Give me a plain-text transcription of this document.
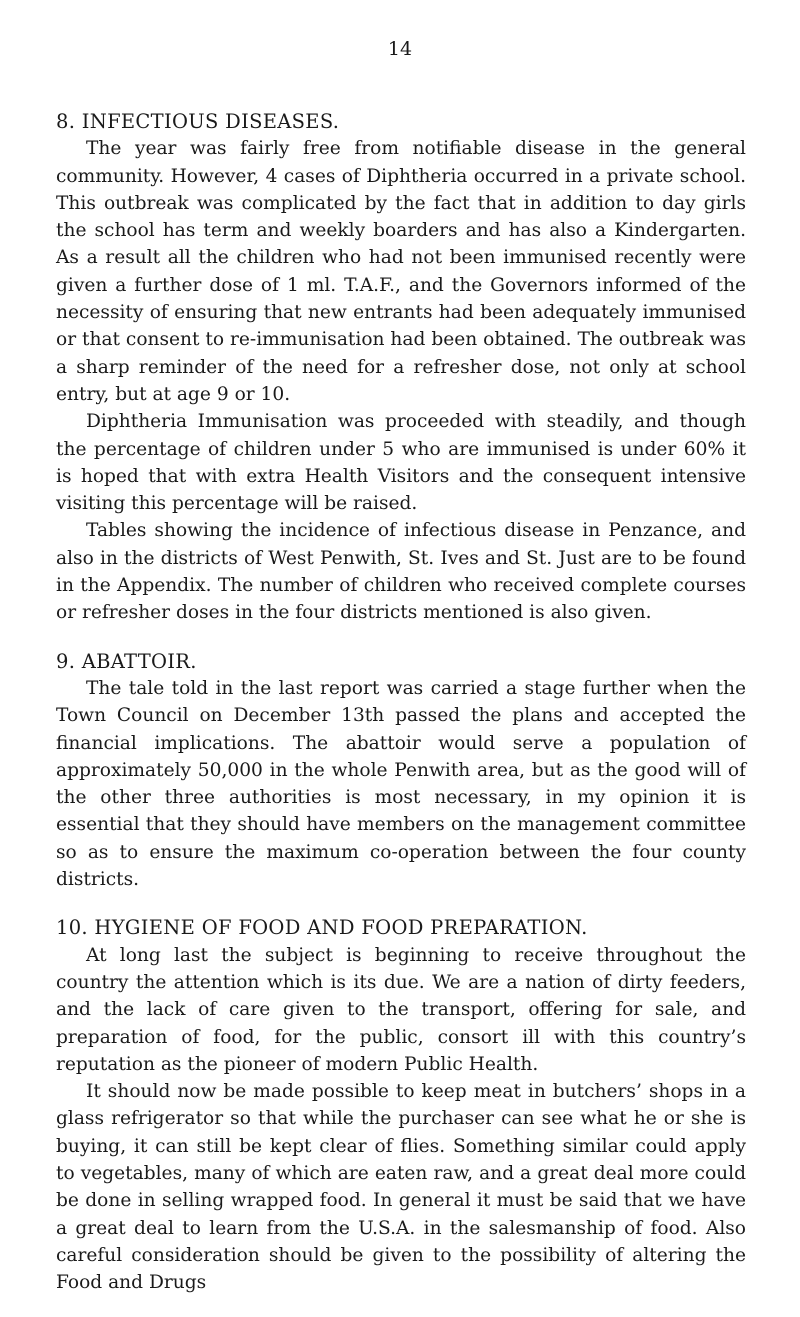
14
8. INFECTIOUS DISEASES.

The year was fairly free from notifiable disease in the general community. However, 4 cases of Diphtheria occurred in a private school. This outbreak was complicated by the fact that in addition to day girls the school has term and weekly boarders and has also a Kindergarten. As a result all the children who had not been immunised recently were given a further dose of 1 ml. T.A.F., and the Governors informed of the necessity of ensuring that new entrants had been adequately immunised or that consent to re-immunisation had been obtained. The outbreak was a sharp reminder of the need for a refresher dose, not only at school entry, but at age 9 or 10.

Diphtheria Immunisation was proceeded with steadily, and though the percentage of children under 5 who are immunised is under 60% it is hoped that with extra Health Visitors and the consequent intensive visiting this percentage will be raised.

Tables showing the incidence of infectious disease in Penzance, and also in the districts of West Penwith, St. Ives and St. Just are to be found in the Appendix. The number of children who received complete courses or refresher doses in the four districts mentioned is also given.

9. ABATTOIR.

The tale told in the last report was carried a stage further when the Town Council on December 13th passed the plans and accepted the financial implications. The abattoir would serve a population of approximately 50,000 in the whole Penwith area, but as the good will of the other three authorities is most necessary, in my opinion it is essential that they should have members on the management committee so as to ensure the maximum co-operation between the four county districts.

10. HYGIENE OF FOOD AND FOOD PREPARATION.

At long last the subject is beginning to receive throughout the country the attention which is its due. We are a nation of dirty feeders, and the lack of care given to the transport, offering for sale, and preparation of food, for the public, consort ill with this country’s reputation as the pioneer of modern Public Health.

It should now be made possible to keep meat in butchers’ shops in a glass refrigerator so that while the purchaser can see what he or she is buying, it can still be kept clear of flies. Something similar could apply to vegetables, many of which are eaten raw, and a great deal more could be done in selling wrapped food. In general it must be said that we have a great deal to learn from the U.S.A. in the salesmanship of food. Also careful consideration should be given to the possibility of altering the Food and Drugs
